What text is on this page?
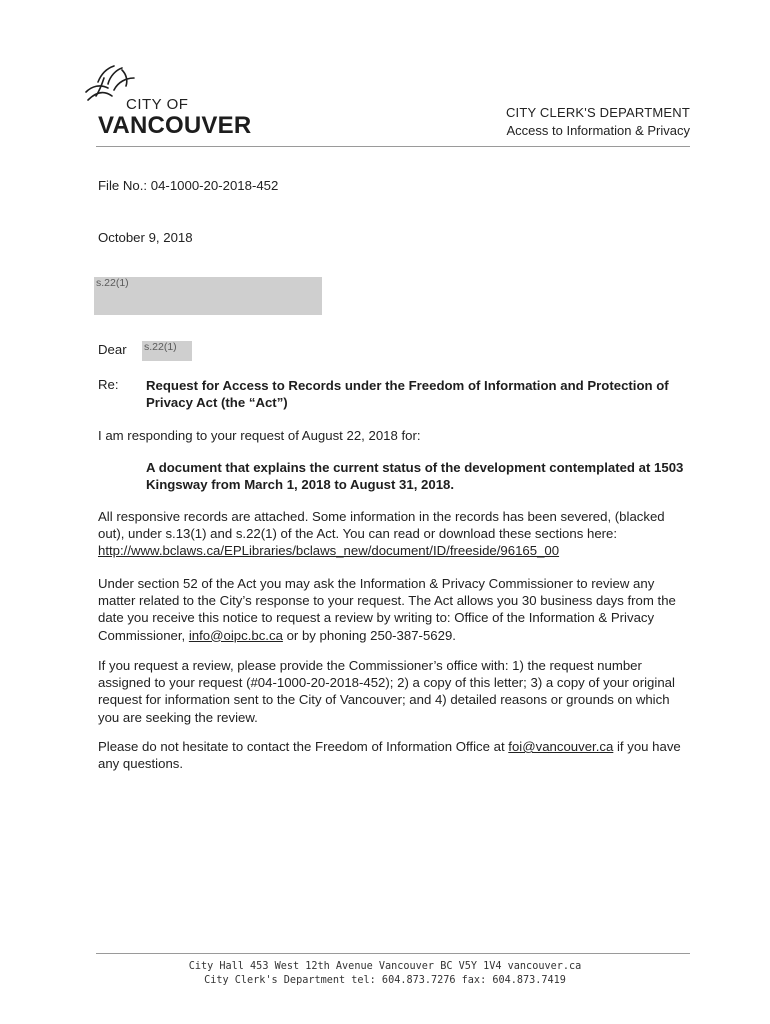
CITY OF
VANCOUVER	CITY CLERK'S DEPARTMENT
Access to Information & Privacy
File No.: 04-1000-20-2018-452
October 9, 2018
s.22(1)
Dear s.22(1)
Re: Request for Access to Records under the Freedom of Information and Protection of Privacy Act (the “Act”)
I am responding to your request of August 22, 2018 for:
A document that explains the current status of the development contemplated at 1503 Kingsway from March 1, 2018 to August 31, 2018.
All responsive records are attached. Some information in the records has been severed, (blacked out), under s.13(1) and s.22(1) of the Act. You can read or download these sections here: http://www.bclaws.ca/EPLibraries/bclaws_new/document/ID/freeside/96165_00
Under section 52 of the Act you may ask the Information & Privacy Commissioner to review any matter related to the City’s response to your request. The Act allows you 30 business days from the date you receive this notice to request a review by writing to: Office of the Information & Privacy Commissioner, info@oipc.bc.ca or by phoning 250-387-5629.
If you request a review, please provide the Commissioner’s office with: 1) the request number assigned to your request (#04-1000-20-2018-452); 2) a copy of this letter; 3) a copy of your original request for information sent to the City of Vancouver; and 4) detailed reasons or grounds on which you are seeking the review.
Please do not hesitate to contact the Freedom of Information Office at foi@vancouver.ca if you have any questions.
City Hall 453 West 12th Avenue Vancouver BC V5Y 1V4 vancouver.ca
City Clerk's Department tel: 604.873.7276 fax: 604.873.7419
